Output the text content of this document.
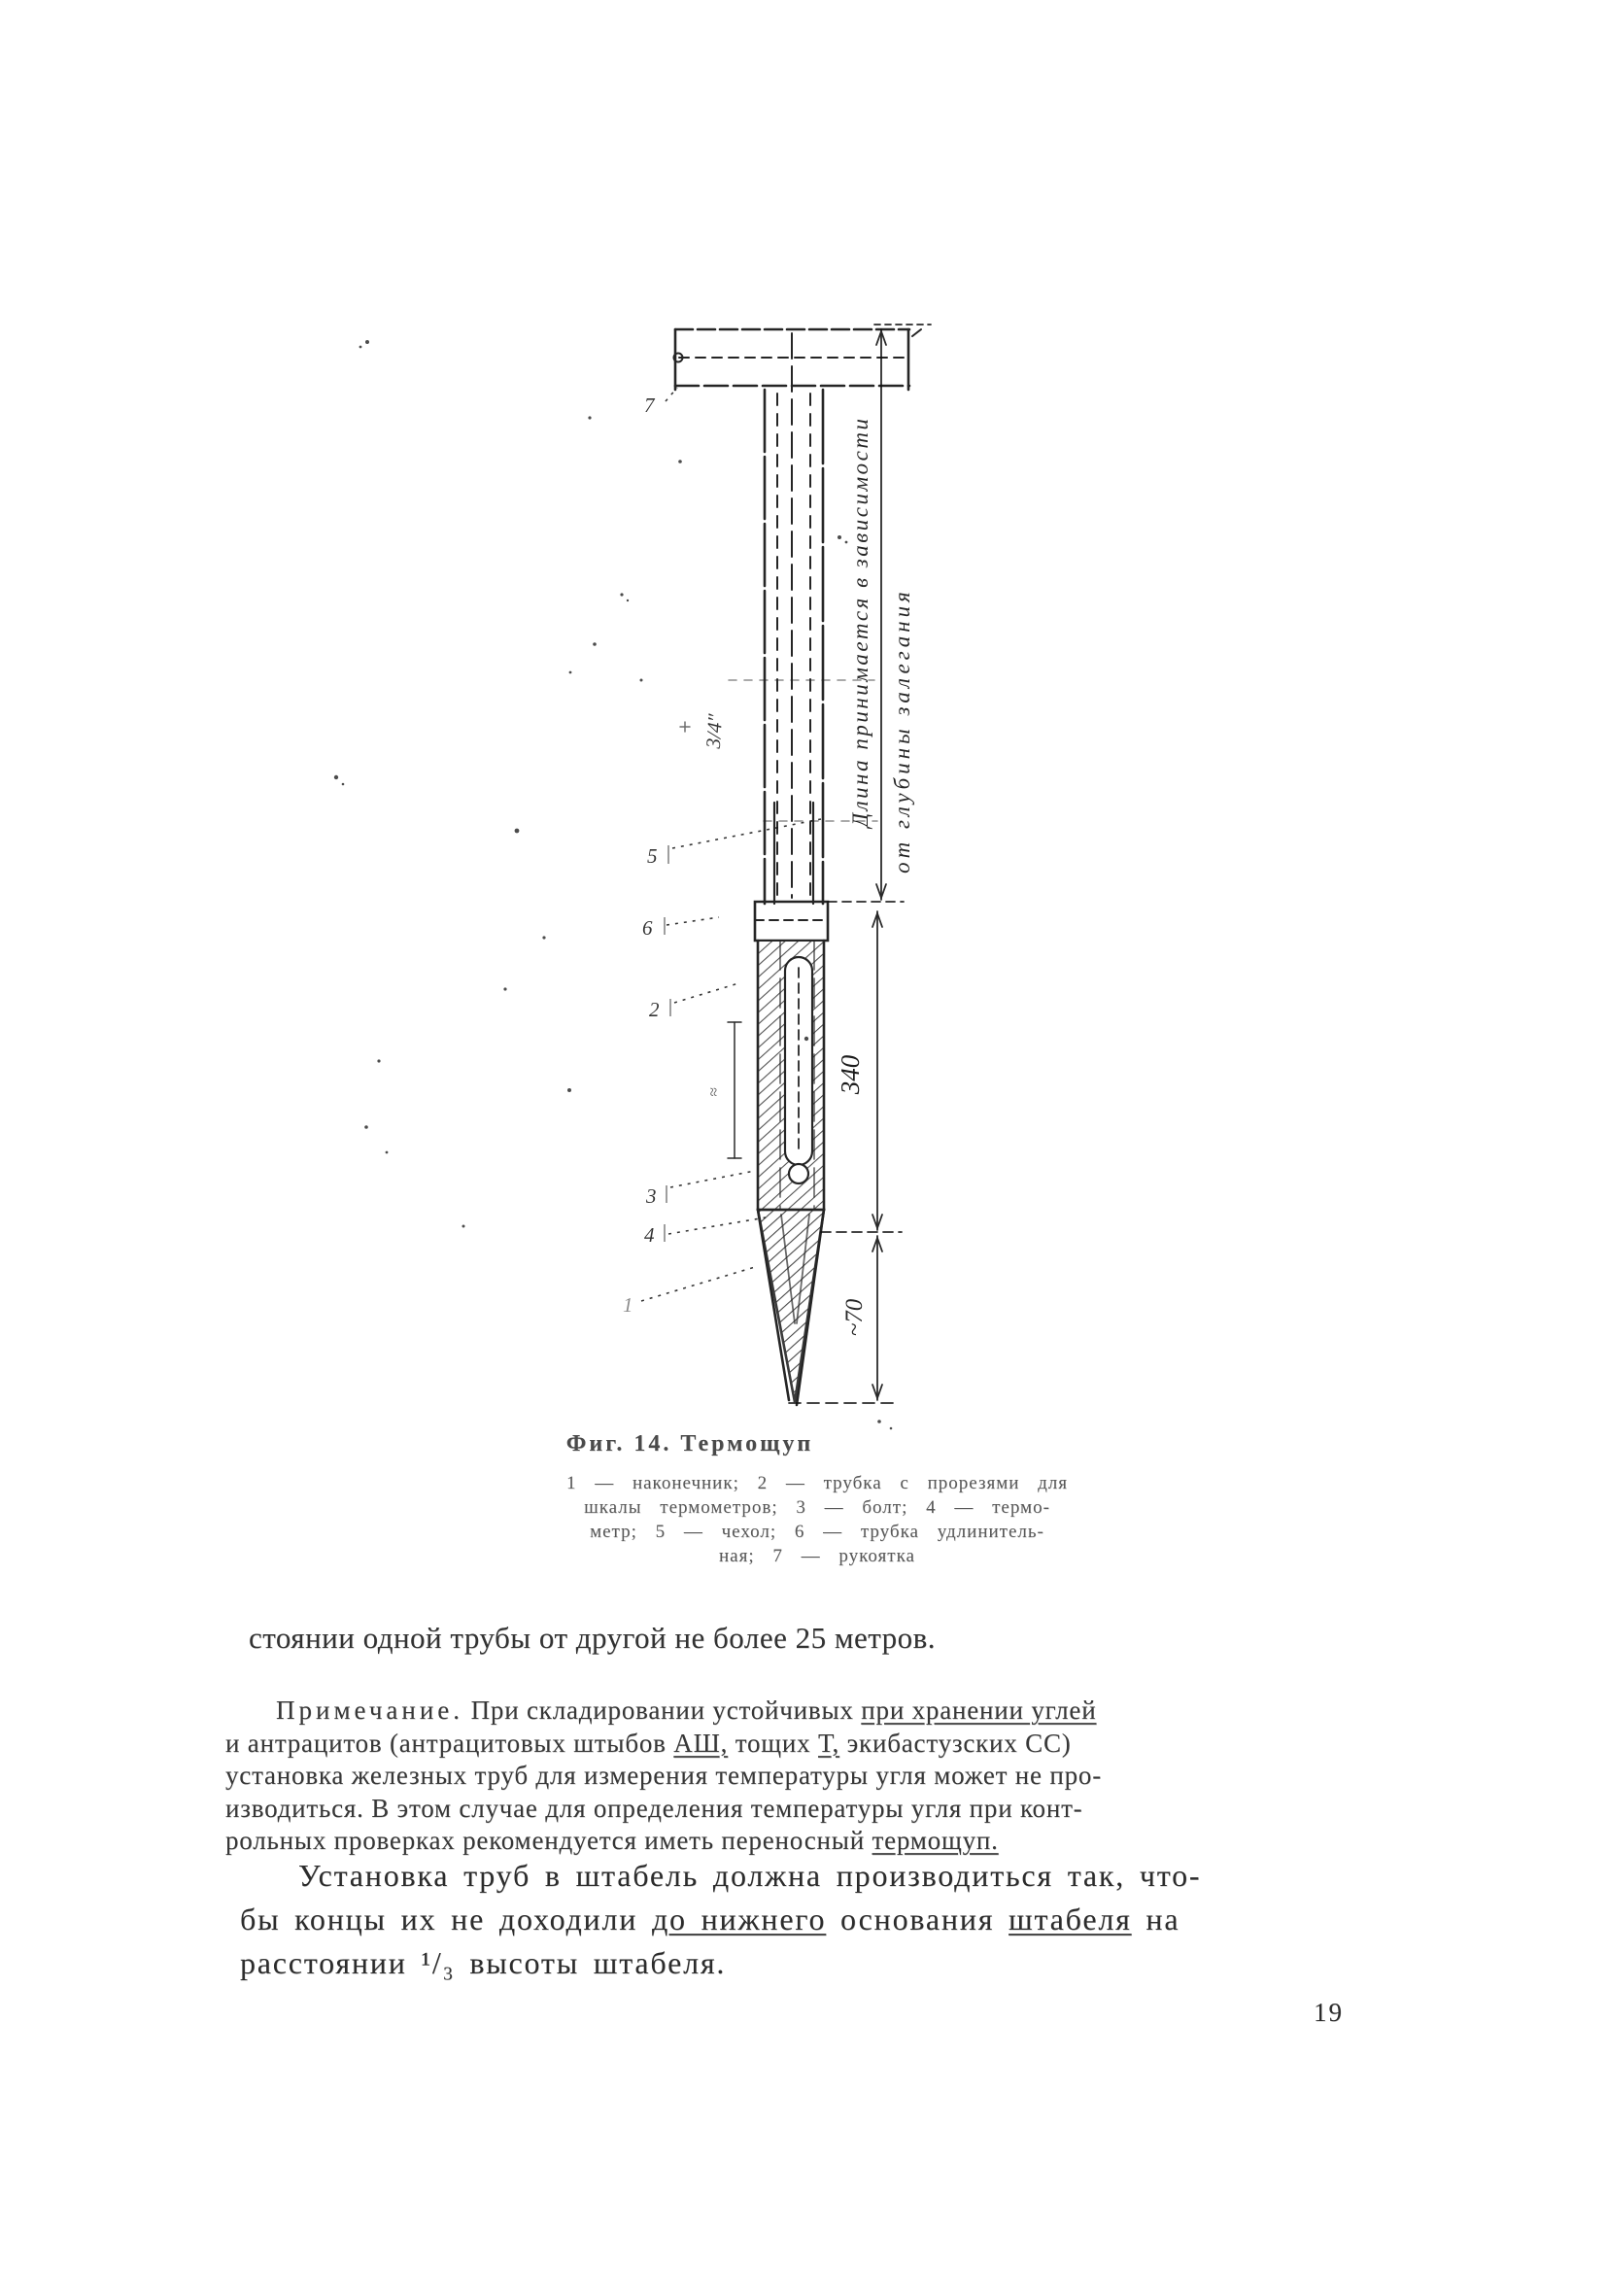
Длина принимается в зависимости от глубины залегания
340
~70
3/4″
≈
7
5
6
2
3
4
1
Фиг. 14. Термощуп
1 — наконечник; 2 — трубка с прорезями для
шкалы термометров; 3 — болт; 4 — термо-
метр; 5 — чехол; 6 — трубка удлинитель-
ная; 7 — рукоятка
стоянии одной трубы от другой не более 25 метров.
Примечание. При складировании устойчивых при хранении углей
и антрацитов (антрацитовых штыбов АШ, тощих Т, экибастузских СС)
установка железных труб для измерения температуры угля может не про-
изводиться. В этом случае для определения температуры угля при конт-
рольных проверках рекомендуется иметь переносный термощуп.
Установка труб в штабель должна производиться так, что-
бы концы их не доходили до нижнего основания штабеля на
расстоянии ¹/₃ высоты штабеля.
19
